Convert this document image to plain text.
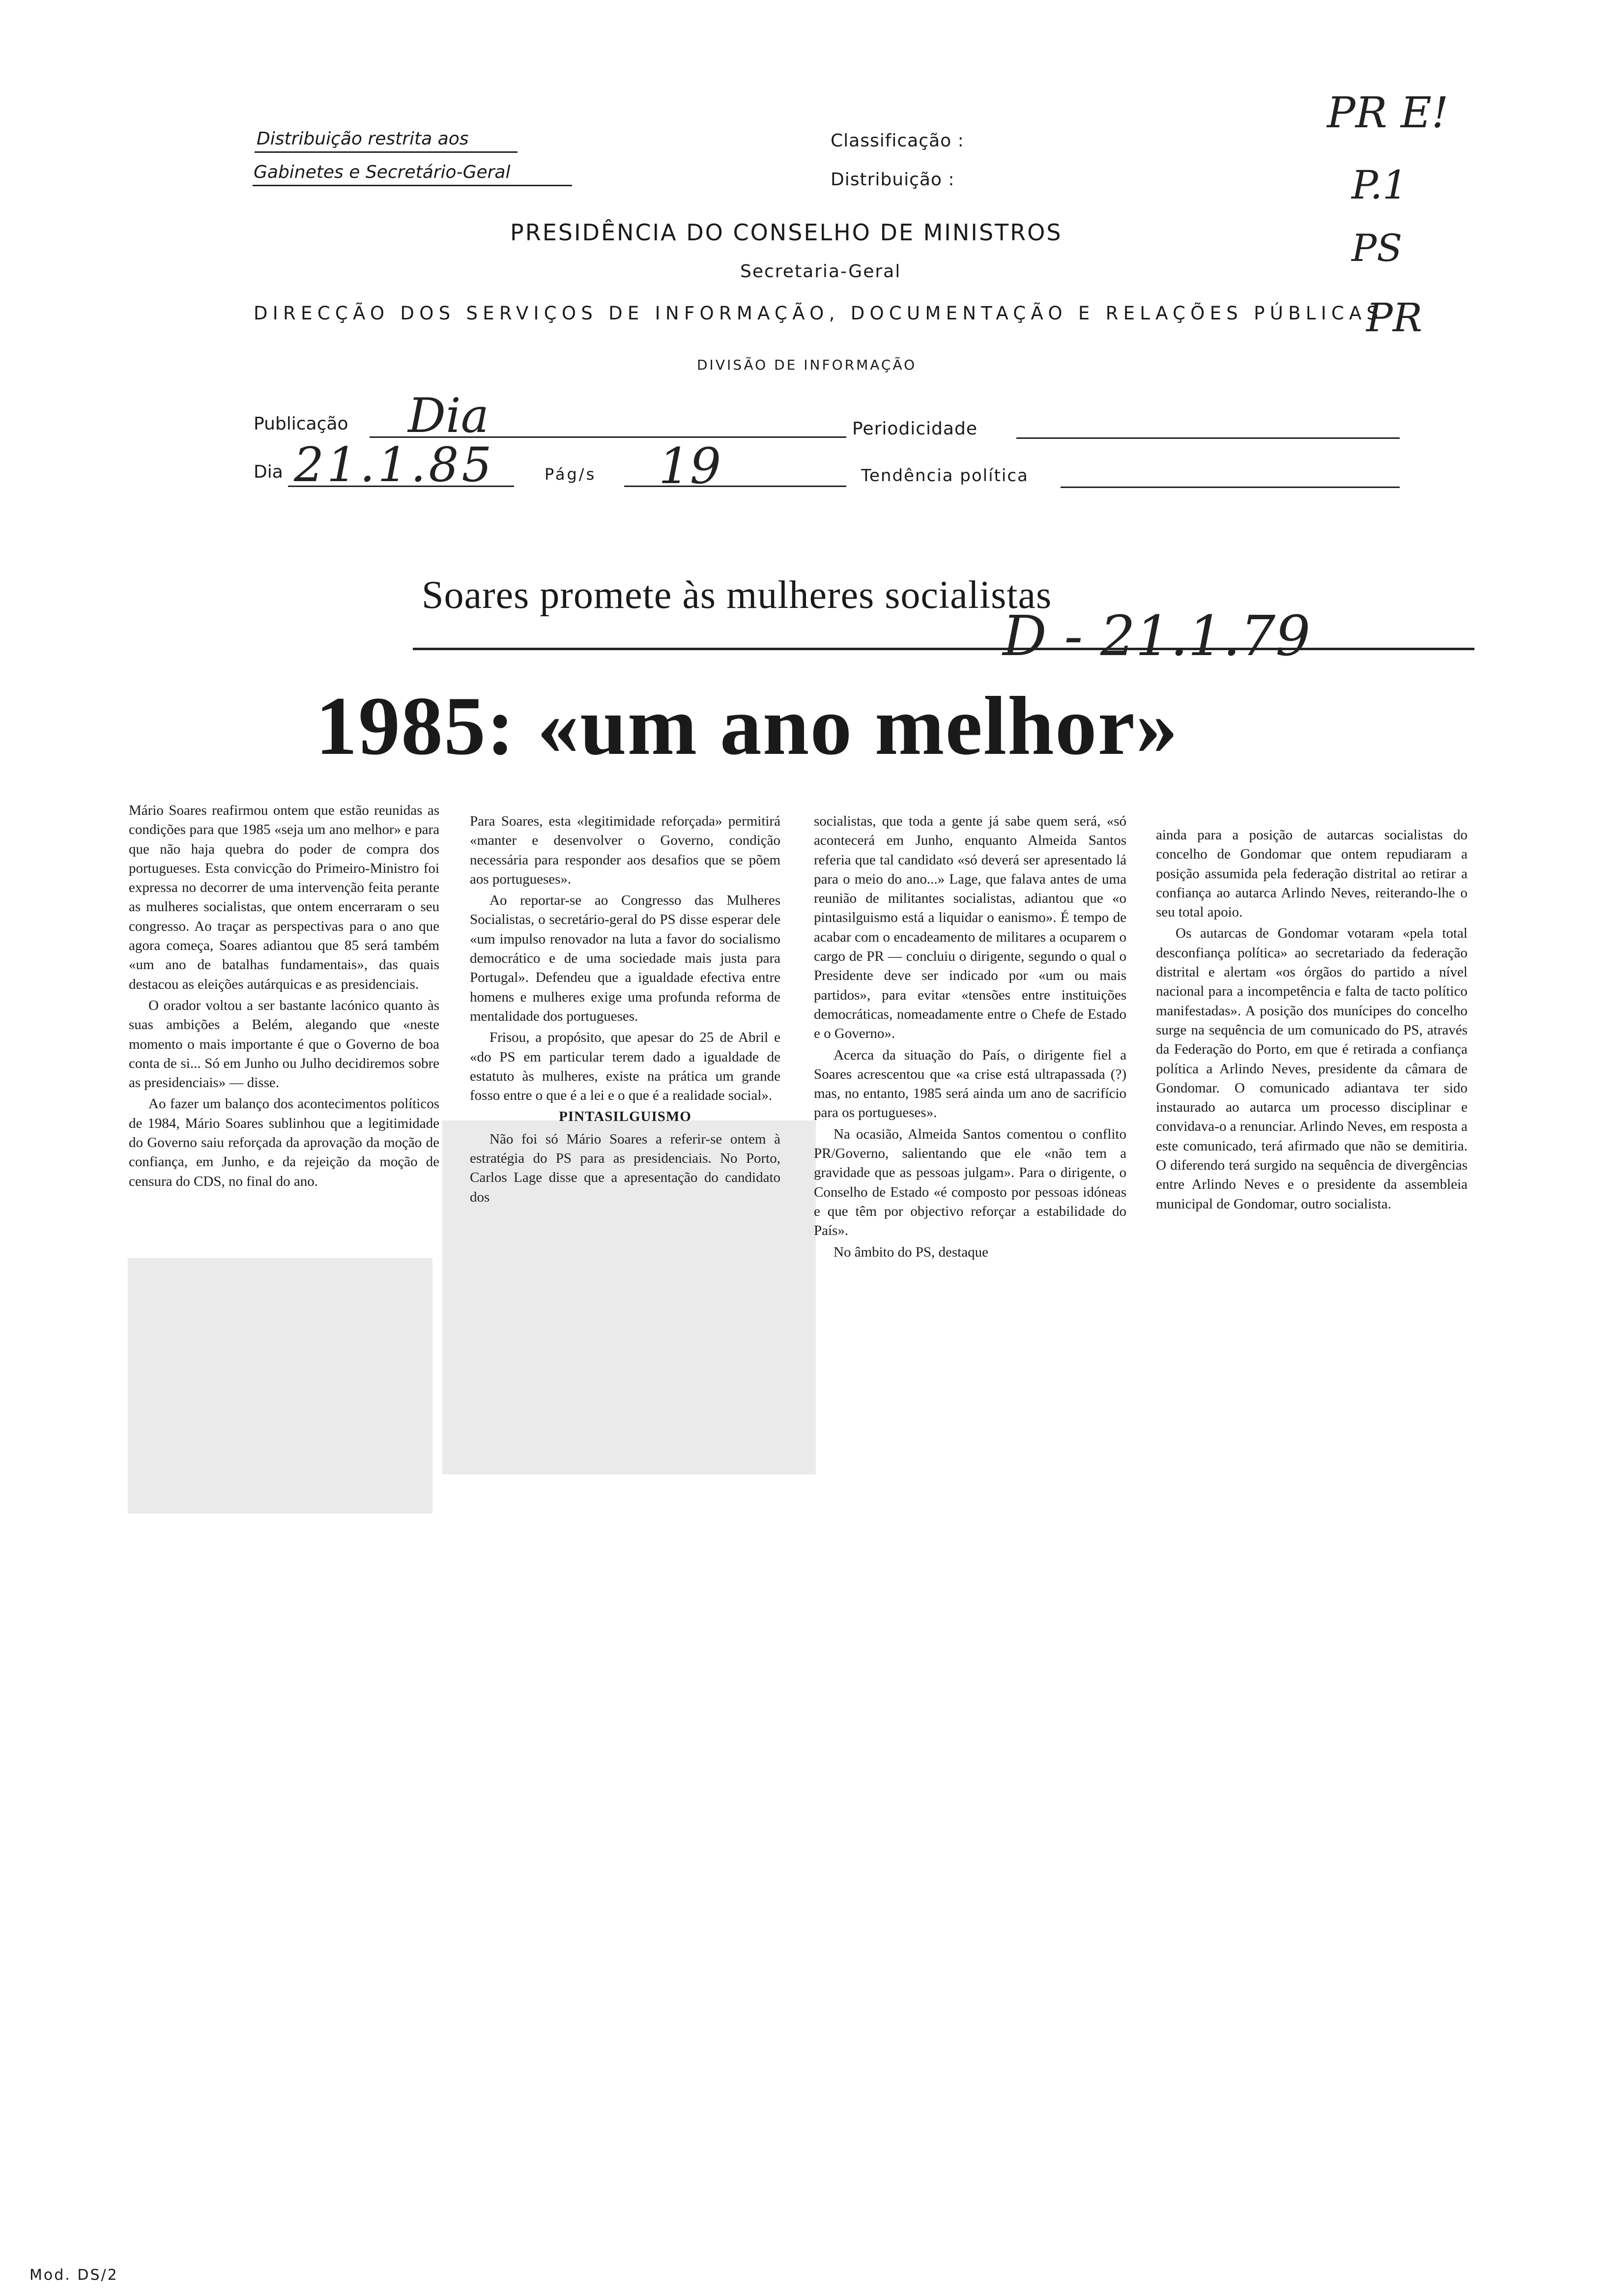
Distribuição restrita aos
Gabinetes e Secretário-Geral
Classificação :
Distribuição :
PRESIDÊNCIA DO CONSELHO DE MINISTROS
Secretaria-Geral
DIRECÇÃO DOS SERVIÇOS DE INFORMAÇÃO, DOCUMENTAÇÃO E RELAÇÕES PÚBLICAS
DIVISÃO DE INFORMAÇÃO
Publicação Dia	Periodicidade
Dia 21.1.85	Pág/s 19	Tendência política
PR E!
P.1
PS
PR
Soares promete às mulheres socialistas
D - 21.1.79
1985: «um ano melhor»

Mário Soares reafirmou ontem que estão reunidas as condições para que 1985 «seja um ano melhor» e para que não haja quebra do poder de compra dos portugueses. Esta convicção do Primeiro-Ministro foi expressa no decorrer de uma intervenção feita perante as mulheres socialistas, que ontem encerraram o seu congresso. Ao traçar as perspectivas para o ano que agora começa, Soares adiantou que 85 será também «um ano de batalhas fundamentais», das quais destacou as eleições autárquicas e as presidenciais.

O orador voltou a ser bastante lacónico quanto às suas ambições a Belém, alegando que «neste momento o mais importante é que o Governo de boa conta de si... Só em Junho ou Julho decidiremos sobre as presidenciais» — disse.

Ao fazer um balanço dos acontecimentos políticos de 1984, Mário Soares sublinhou que a legitimidade do Governo saiu reforçada da aprovação da moção de confiança, em Junho, e da rejeição da moção de censura do CDS, no final do ano.

Para Soares, esta «legitimidade reforçada» permitirá «manter e desenvolver o Governo, condição necessária para responder aos desafios que se põem aos portugueses».

Ao reportar-se ao Congresso das Mulheres Socialistas, o secretário-geral do PS disse esperar dele «um impulso renovador na luta a favor do socialismo democrático e de uma sociedade mais justa para Portugal». Defendeu que a igualdade efectiva entre homens e mulheres exige uma profunda reforma de mentalidade dos portugueses.

Frisou, a propósito, que apesar do 25 de Abril e «do PS em particular terem dado a igualdade de estatuto às mulheres, existe na prática um grande fosso entre o que é a lei e o que é a realidade social».

PINTASILGUISMO

Não foi só Mário Soares a referir-se ontem à estratégia do PS para as presidenciais. No Porto, Carlos Lage disse que a apresentação do candidato dos

socialistas, que toda a gente já sabe quem será, «só acontecerá em Junho, enquanto Almeida Santos referia que tal candidato «só deverá ser apresentado lá para o meio do ano...» Lage, que falava antes de uma reunião de militantes socialistas, adiantou que «o pintasilguismo está a liquidar o eanismo». É tempo de acabar com o encadeamento de militares a ocuparem o cargo de PR — concluiu o dirigente, segundo o qual o Presidente deve ser indicado por «um ou mais partidos», para evitar «tensões entre instituições democráticas, nomeadamente entre o Chefe de Estado e o Governo».

Acerca da situação do País, o dirigente fiel a Soares acrescentou que «a crise está ultrapassada (?) mas, no entanto, 1985 será ainda um ano de sacrifício para os portugueses».

Na ocasião, Almeida Santos comentou o conflito PR/Governo, salientando que ele «não tem a gravidade que as pessoas julgam». Para o dirigente, o Conselho de Estado «é composto por pessoas idóneas e que têm por objectivo reforçar a estabilidade do País».

No âmbito do PS, destaque

ainda para a posição de autarcas socialistas do concelho de Gondomar que ontem repudiaram a posição assumida pela federação distrital ao retirar a confiança ao autarca Arlindo Neves, reiterando-lhe o seu total apoio.

Os autarcas de Gondomar votaram «pela total desconfiança política» ao secretariado da federação distrital e alertam «os órgãos do partido a nível nacional para a incompetência e falta de tacto político manifestadas». A posição dos munícipes do concelho surge na sequência de um comunicado do PS, através da Federação do Porto, em que é retirada a confiança política a Arlindo Neves, presidente da câmara de Gondomar. O comunicado adiantava ter sido instaurado ao autarca um processo disciplinar e convidava-o a renunciar. Arlindo Neves, em resposta a este comunicado, terá afirmado que não se demitiria. O diferendo terá surgido na sequência de divergências entre Arlindo Neves e o presidente da assembleia municipal de Gondomar, outro socialista.

Mod. DS/2
